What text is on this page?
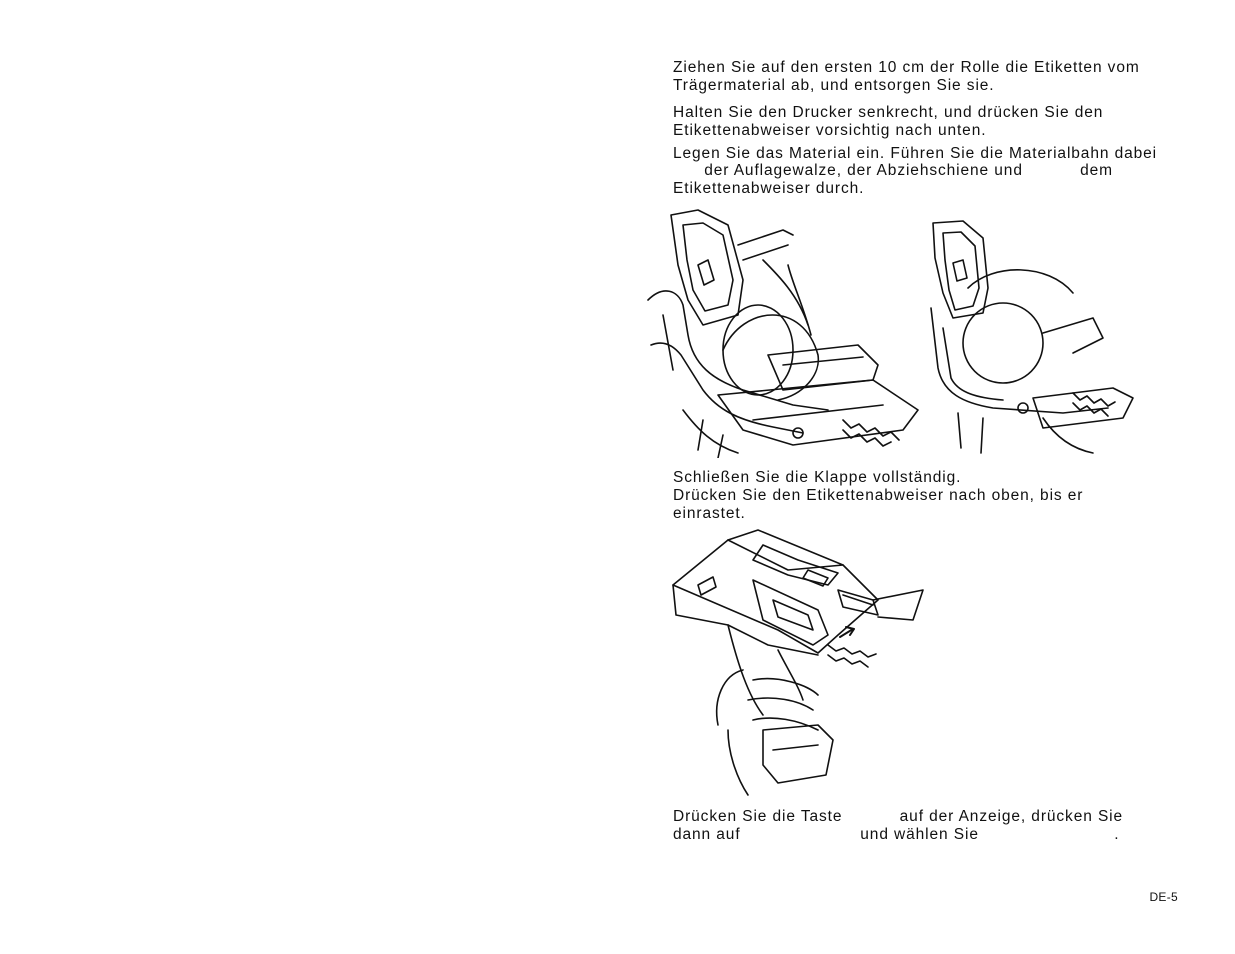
Ziehen Sie auf den ersten 10 cm der Rolle die Etiketten vom
Trägermaterial ab, und entsorgen Sie sie.
Halten Sie den Drucker senkrecht, und drücken Sie den
Etikettenabweiser vorsichtig nach unten.
Legen Sie das Material ein. Führen Sie die Materialbahn dabei
der Auflagewalze, der Abziehschiene und           dem
Etikettenabweiser durch.
Schließen Sie die Klappe vollständig.
Drücken Sie den Etikettenabweiser nach oben, bis er
einrastet.
Drücken Sie die Taste           auf der Anzeige, drücken Sie
dann auf                       und wählen Sie                          .
DE-5
